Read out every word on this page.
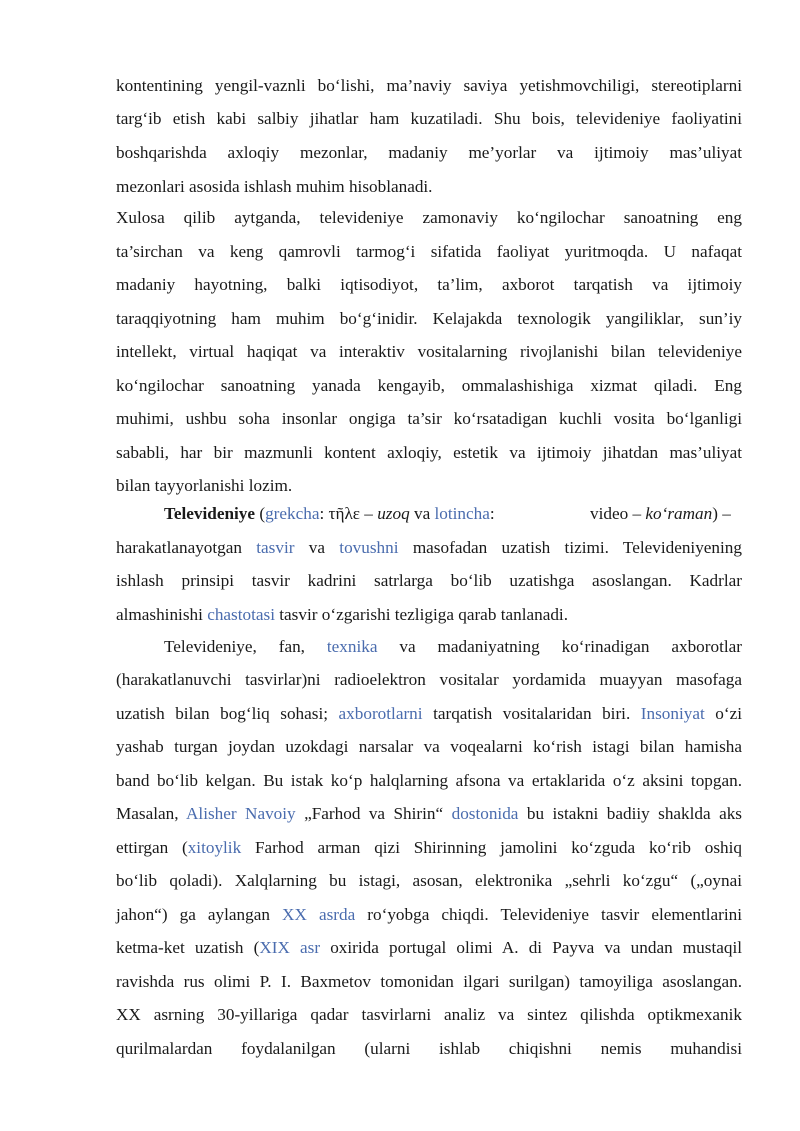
kontentining yengil-vaznli bo‘lishi, ma’naviy saviya yetishmovchiligi, stereotiplarni
targ‘ib etish kabi salbiy jihatlar ham kuzatiladi. Shu bois, televideniye faoliyatini
boshqarishda axloqiy mezonlar, madaniy me’yorlar va ijtimoiy mas’uliyat
mezonlari asosida ishlash muhim hisoblanadi.
Xulosa qilib aytganda, televideniye zamonaviy ko‘ngilochar sanoatning eng
ta’sirchan va keng qamrovli tarmog‘i sifatida faoliyat yuritmoqda. U nafaqat
madaniy hayotning, balki iqtisodiyot, ta’lim, axborot tarqatish va ijtimoiy
taraqqiyotning ham muhim bo‘g‘inidir. Kelajakda texnologik yangiliklar, sun’iy
intellekt, virtual haqiqat va interaktiv vositalarning rivojlanishi bilan televideniye
ko‘ngilochar sanoatning yanada kengayib, ommalashishiga xizmat qiladi. Eng
muhimi, ushbu soha insonlar ongiga ta’sir ko‘rsatadigan kuchli vosita bo‘lganligi
sababli, har bir mazmunli kontent axloqiy, estetik va ijtimoiy jihatdan mas’uliyat
bilan tayyorlanishi lozim.
Televideniye (grekcha: τῆλε – uzoq va lotincha:	video – ko‘raman) –
harakatlanayotgan tasvir va tovushni masofadan uzatish tizimi. Televideniyening
ishlash prinsipi tasvir kadrini satrlarga bo‘lib uzatishga asoslangan. Kadrlar
almashinishi chastotasi tasvir o‘zgarishi tezligiga qarab tanlanadi.
Televideniye, fan, texnika va madaniyatning ko‘rinadigan axborotlar
(harakatlanuvchi tasvirlar)ni radioelektron vositalar yordamida muayyan masofaga
uzatish bilan bog‘liq sohasi; axborotlarni tarqatish vositalaridan biri. Insoniyat o‘zi
yashab turgan joydan uzokdagi narsalar va voqealarni ko‘rish istagi bilan hamisha
band bo‘lib kelgan. Bu istak ko‘p halqlarning afsona va ertaklarida o‘z aksini topgan.
Masalan, Alisher Navoiy „Farhod va Shirin“ dostonida bu istakni badiiy shaklda aks
ettirgan (xitoylik Farhod arman qizi Shirinning jamolini ko‘zguda ko‘rib oshiq
bo‘lib qoladi). Xalqlarning bu istagi, asosan, elektronika „sehrli ko‘zgu“ („oynai
jahon“) ga aylangan XX asrda ro‘yobga chiqdi. Televideniye tasvir elementlarini
ketma-ket uzatish (XIX asr oxirida portugal olimi A. di Payva va undan mustaqil
ravishda rus olimi P. I. Baxmetov tomonidan ilgari surilgan) tamoyiliga asoslangan.
XX asrning 30-yillariga qadar tasvirlarni analiz va sintez qilishda optikmexanik
qurilmalardan foydalanilgan (ularni ishlab chiqishni nemis muhandisi
